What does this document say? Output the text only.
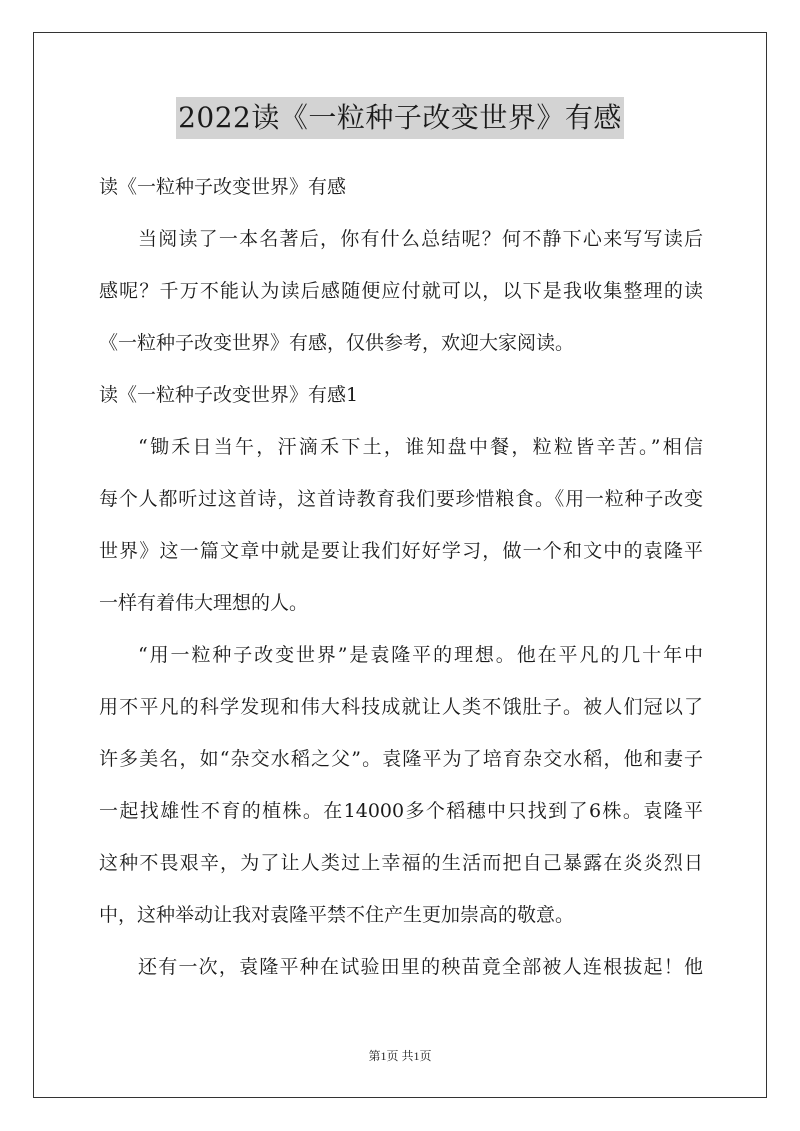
2022读《一粒种子改变世界》有感

读《一粒种子改变世界》有感

当阅读了一本名著后，你有什么总结呢？何不静下心来写写读后

感呢？千万不能认为读后感随便应付就可以，以下是我收集整理的读

《一粒种子改变世界》有感，仅供参考，欢迎大家阅读。

读《一粒种子改变世界》有感1

“锄禾日当午，汗滴禾下土，谁知盘中餐，粒粒皆辛苦。”相信

每个人都听过这首诗，这首诗教育我们要珍惜粮食。《用一粒种子改变

世界》这一篇文章中就是要让我们好好学习，做一个和文中的袁隆平

一样有着伟大理想的人。

“用一粒种子改变世界”是袁隆平的理想。他在平凡的几十年中

用不平凡的科学发现和伟大科技成就让人类不饿肚子。被人们冠以了

许多美名，如“杂交水稻之父”。袁隆平为了培育杂交水稻，他和妻子

一起找雄性不育的植株。在14000多个稻穗中只找到了6株。袁隆平

这种不畏艰辛，为了让人类过上幸福的生活而把自己暴露在炎炎烈日

中，这种举动让我对袁隆平禁不住产生更加崇高的敬意。

还有一次，袁隆平种在试验田里的秧苗竟全部被人连根拔起！他

第1页 共1页
